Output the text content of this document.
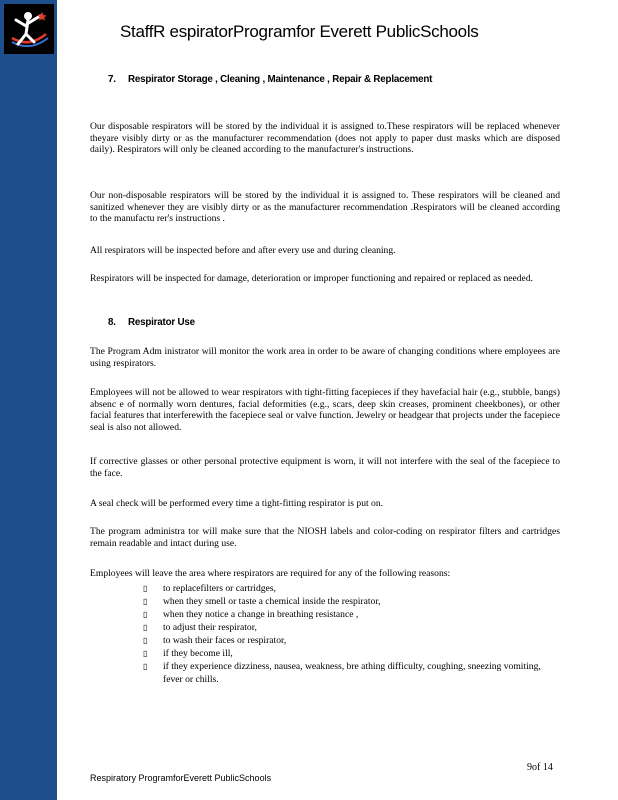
StaffR espiratorProgramfor Everett PublicSchools
7. Respirator Storage , Cleaning , Maintenance , Repair & Replacement

Our disposable respirators will be stored by the individual it is assigned to.These respirators will be replaced whenever theyare visibly dirty or as the manufacturer recommendation (does not apply to paper dust masks which are disposed daily). Respirators will only be cleaned according to the manufacturer's instructions.

Our non-disposable respirators will be stored by the individual it is assigned to. These respirators will be cleaned and sanitized whenever they are visibly dirty or as the manufacturer recommendation .Respirators will be cleaned according to the manufactu rer's instructions .

All respirators will be inspected before and after every use and during cleaning.

Respirators will be inspected for damage, deterioration or improper functioning and repaired or replaced as needed.

8. Respirator Use

The Program Adm inistrator will monitor the work area in order to be aware of changing conditions where employees are using respirators.

Employees will not be allowed to wear respirators with tight-fitting facepieces if they havefacial hair (e.g., stubble, bangs) absenc e of normally worn dentures, facial deformities (e.g., scars, deep skin creases, prominent cheekbones), or other facial features that interferewith the facepiece seal or valve function. Jewelry or headgear that projects under the facepiece seal is also not allowed.

If corrective glasses or other personal protective equipment is worn, it will not interfere with the seal of the facepiece to the face.

A seal check will be performed every time a tight-fitting respirator is put on.

The program administra tor will make sure that the NIOSH labels and color-coding on respirator filters and cartridges remain readable and intact during use.

Employees will leave the area where respirators are required for any of the following reasons:

▯	to replacefilters or cartridges,
▯	when they smell or taste a chemical inside the respirator,
▯	when they notice a change in breathing resistance ,
▯	to adjust their respirator,
▯	to wash their faces or respirator,
▯	if they become ill,
▯	if they experience dizziness, nausea, weakness, bre athing difficulty, coughing, sneezing vomiting, fever or chills.
9of 14
Respiratory ProgramforEverett PublicSchools
